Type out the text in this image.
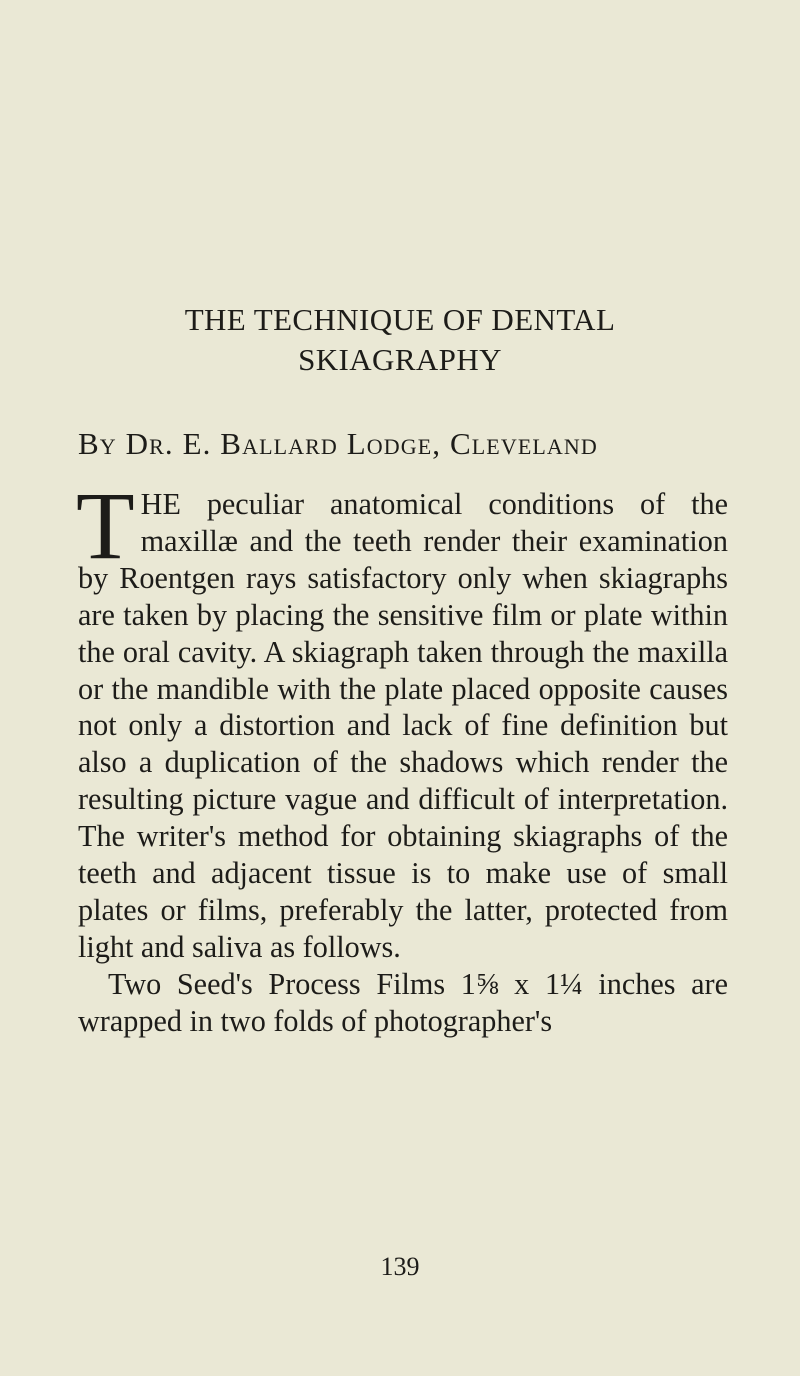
THE TECHNIQUE OF DENTAL
SKIAGRAPHY
By Dr. E. Ballard Lodge, Cleveland

THE peculiar anatomical conditions of the maxillæ and the teeth render their examination by Roentgen rays satisfactory only when skiagraphs are taken by placing the sensitive film or plate within the oral cavity. A skiagraph taken through the maxilla or the mandible with the plate placed opposite causes not only a distortion and lack of fine definition but also a duplication of the shadows which render the resulting picture vague and difficult of interpretation. The writer's method for obtaining skiagraphs of the teeth and adjacent tissue is to make use of small plates or films, preferably the latter, protected from light and saliva as follows.
Two Seed's Process Films 1⅝ x 1¼ inches are wrapped in two folds of photographer's

139
